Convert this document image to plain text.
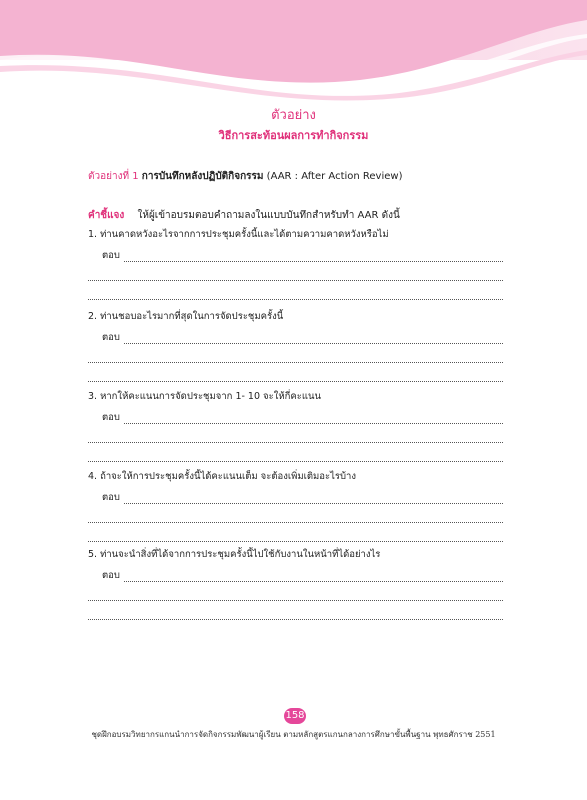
ตัวอย่าง
วิธีการสะท้อนผลการทำกิจกรรม
ตัวอย่างที่ 1 การบันทึกหลังปฏิบัติกิจกรรม (AAR : After Action Review)
คำชี้แจง ให้ผู้เข้าอบรมตอบคำถามลงในแบบบันทึกสำหรับทำ AAR ดังนี้
1. ท่านคาดหวังอะไรจากการประชุมครั้งนี้และได้ตามความคาดหวังหรือไม่
ตอบ
2. ท่านชอบอะไรมากที่สุดในการจัดประชุมครั้งนี้
ตอบ
3. หากให้คะแนนการจัดประชุมจาก 1- 10 จะให้กี่คะแนน
ตอบ
4. ถ้าจะให้การประชุมครั้งนี้ได้คะแนนเต็ม จะต้องเพิ่มเติมอะไรบ้าง
ตอบ
5. ท่านจะนำสิ่งที่ได้จากการประชุมครั้งนี้ไปใช้กับงานในหน้าที่ได้อย่างไร
ตอบ
158
ชุดฝึกอบรมวิทยากรแกนนำการจัดกิจกรรมพัฒนาผู้เรียน ตามหลักสูตรแกนกลางการศึกษาขั้นพื้นฐาน พุทธศักราช 2551
